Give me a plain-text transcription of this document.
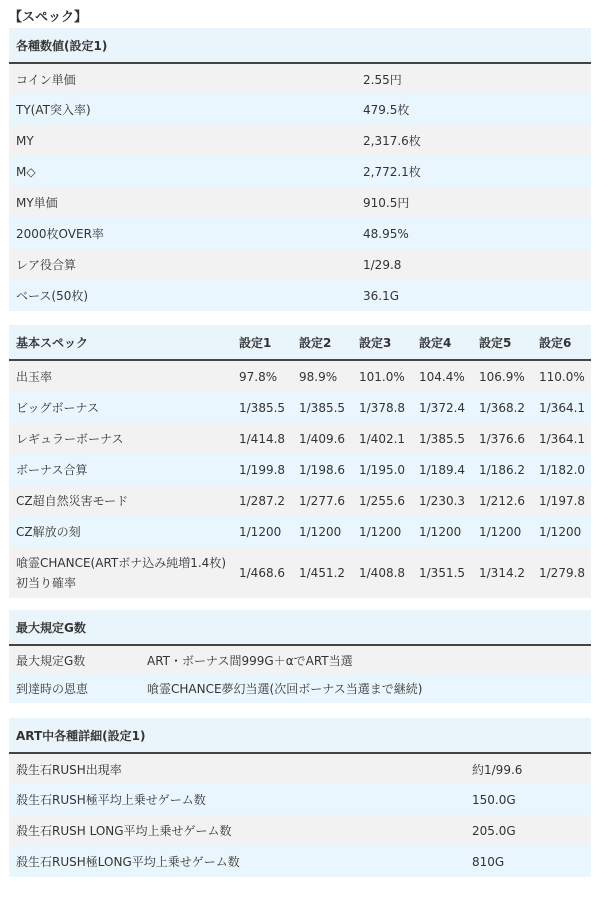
【スペック】
各種数値(設定1)	
コイン単価	2.55円
TY(AT突入率)	479.5枚
MY	2,317.6枚
M◇	2,772.1枚
MY単価	910.5円
2000枚OVER率	48.95%
レア役合算	1/29.8
ベース(50枚)	36.1G
基本スペック	設定1	設定2	設定3	設定4	設定5	設定6
出玉率	97.8%	98.9%	101.0%	104.4%	106.9%	110.0%
ビッグボーナス	1/385.5	1/385.5	1/378.8	1/372.4	1/368.2	1/364.1
レギュラーボーナス	1/414.8	1/409.6	1/402.1	1/385.5	1/376.6	1/364.1
ボーナス合算	1/199.8	1/198.6	1/195.0	1/189.4	1/186.2	1/182.0
CZ超自然災害モード	1/287.2	1/277.6	1/255.6	1/230.3	1/212.6	1/197.8
CZ解放の刻	1/1200	1/1200	1/1200	1/1200	1/1200	1/1200

喰霊CHANCE(ARTボナ込み純増1.4枚)
初当り確率	1/468.6	1/451.2	1/408.8	1/351.5	1/314.2	1/279.8
最大規定G数	
最大規定G数	ART・ボーナス間999G＋αでART当選
到達時の恩恵	喰霊CHANCE夢幻当選(次回ボーナス当選まで継続)
ART中各種詳細(設定1)	
殺生石RUSH出現率	約1/99.6
殺生石RUSH極平均上乗せゲーム数	150.0G
殺生石RUSH LONG平均上乗せゲーム数	205.0G
殺生石RUSH極LONG平均上乗せゲーム数	810G
